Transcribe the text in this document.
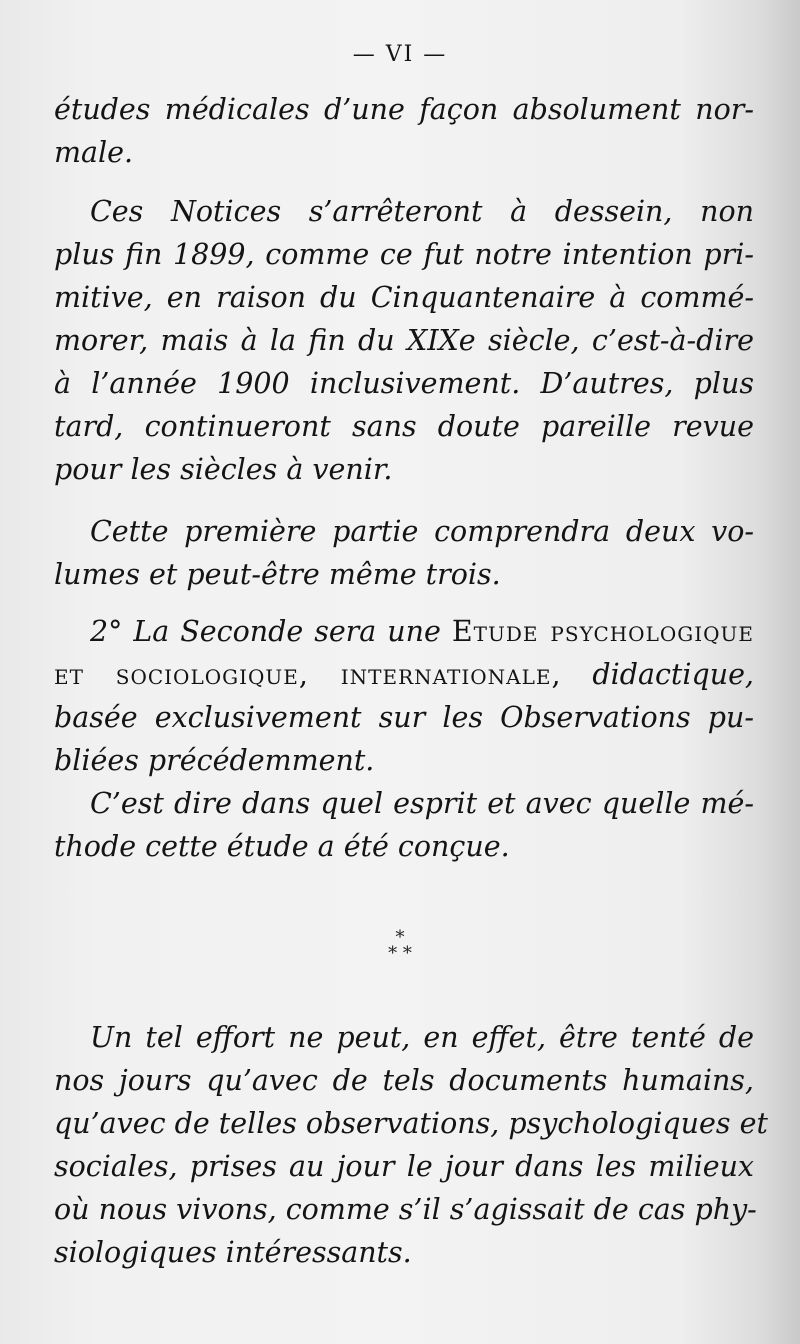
— VI —
études médicales d’une façon absolument nor-
male.
Ces Notices s’arrêteront à dessein, non
plus fin 1899, comme ce fut notre intention pri-
mitive, en raison du Cinquantenaire à commé-
morer, mais à la fin du XIXe siècle, c’est-à-dire
à l’année 1900 inclusivement. D’autres, plus
tard, continueront sans doute pareille revue
pour les siècles à venir.
Cette première partie comprendra deux vo-
lumes et peut-être même trois.
2° La Seconde sera une Etude psychologique
et sociologique, internationale, didactique,
basée exclusivement sur les Observations pu-
bliées précédemment.
C’est dire dans quel esprit et avec quelle mé-
thode cette étude a été conçue.
*
* *
Un tel effort ne peut, en effet, être tenté de
nos jours qu’avec de tels documents humains,
qu’avec de telles observations, psychologiques et
sociales, prises au jour le jour dans les milieux
où nous vivons, comme s’il s’agissait de cas phy-
siologiques intéressants.
